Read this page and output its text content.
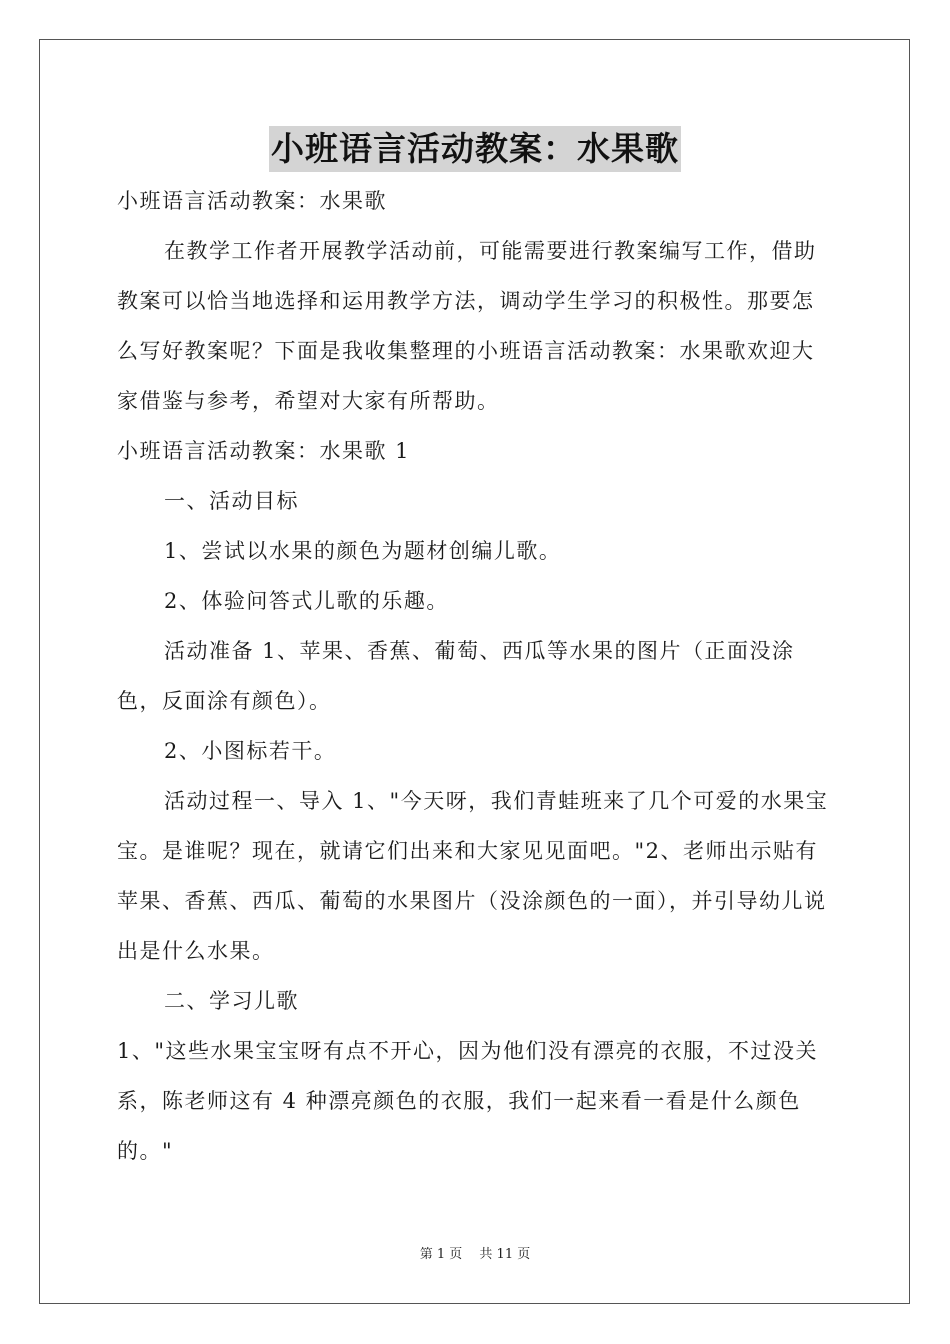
小班语言活动教案：水果歌

小班语言活动教案：水果歌

在教学工作者开展教学活动前，可能需要进行教案编写工作，借助教案可以恰当地选择和运用教学方法，调动学生学习的积极性。那要怎么写好教案呢？下面是我收集整理的小班语言活动教案：水果歌欢迎大家借鉴与参考，希望对大家有所帮助。

小班语言活动教案：水果歌 1

一、活动目标

1、尝试以水果的颜色为题材创编儿歌。

2、体验问答式儿歌的乐趣。

活动准备 1、苹果、香蕉、葡萄、西瓜等水果的图片（正面没涂色，反面涂有颜色）。

2、小图标若干。

活动过程一、导入 1、"今天呀，我们青蛙班来了几个可爱的水果宝宝。是谁呢？现在，就请它们出来和大家见见面吧。"2、老师出示贴有苹果、香蕉、西瓜、葡萄的水果图片（没涂颜色的一面），并引导幼儿说出是什么水果。

二、学习儿歌

1、"这些水果宝宝呀有点不开心，因为他们没有漂亮的衣服，不过没关系，陈老师这有 4 种漂亮颜色的衣服，我们一起来看一看是什么颜色的。"

第 1 页　 共 11 页
